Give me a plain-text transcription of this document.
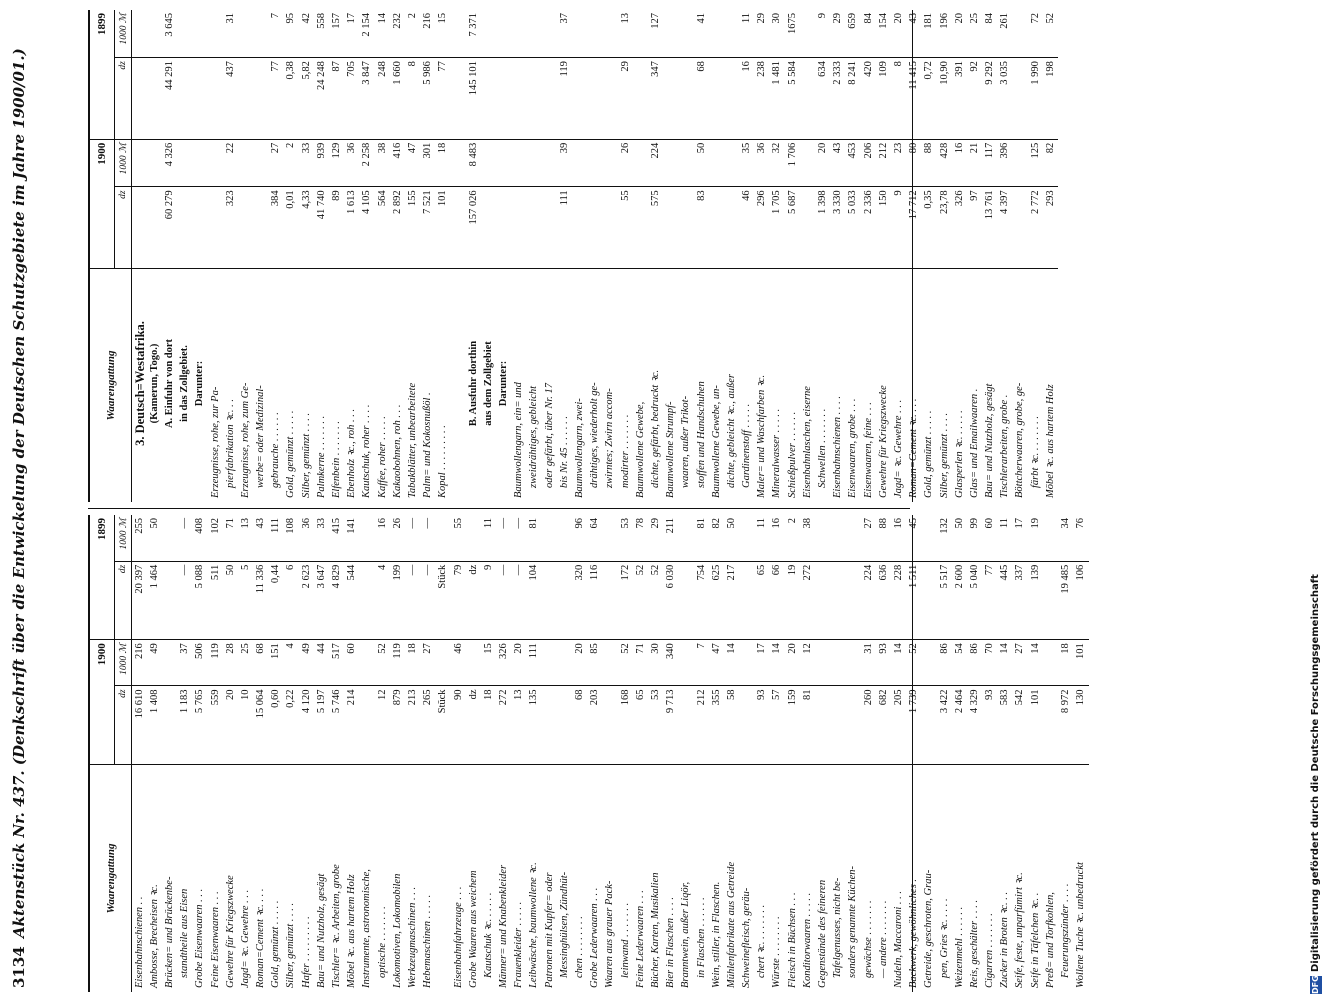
3134
Aktenstück Nr. 437. (Denkschrift über die Entwickelung der Deutschen Schutzgebiete im Jahre 1900/01.)	Waarengattung	1900		1899	
	dz	1000 ℳ	dz	1000 ℳ
Eisenbahnschienen . .	16 610	216	20 397	255
Ambosse, Brecheisen ꝛc.	1 408	49	1 464	50
Brücken= und Brückenbe-				
standtheile aus Eisen	1 183	37	—	—
Grobe Eisenwaaren . . .	5 765	506	5 088	408
Feine Eisenwaaren . . .	559	119	511	102
Gewehre für Kriegszwecke	20	28	50	71
Jagd= ꝛc. Gewehre . . .	10	25	5	13
Roman=Cement ꝛc. . . .	15 064	68	11 336	43
Gold, gemünzt . . . . .	0,60	151	0,44	111
Silber, gemünzt . . . .	0,22	4	6	108
Hafer . . . . . . . . .	4 120	49	2 623	36
Bau= und Nutzholz, gesägt	5 197	44	3 647	33
Tischler= ꝛc. Arbeiten, grobe	5 746	517	4 829	415
Möbel ꝛc. aus hartem Holz	214	60	544	141
Instrumente, astronomische,				
optische . . . . . . .	12	52	4	16
Lokomotiven, Lokomobilen	879	119	199	26
Werkzeugmaschinen . . .	213	18	—	—
Hebemaschinen . . . . .	265	27	—	—
	Stück		Stück	
Eisenbahnfahrzeuge . . .	90	46	79	55
Grobe Waaren aus weichem	dz		dz	
Kautschuk ꝛc. . . . . .	18	15	9	11
Männer= und Knabenkleider	272	326	—	—
Frauenkleider . . . . .	13	20	—	—
Leibwäsche, baumwollene ꝛc.	135	111	104	81
Patronen mit Kupfer= oder				
Messinghülsen, Zündhüt-				
chen . . . . . . . .	68	20	320	96
Grobe Lederwaaren . . .	203	85	116	64
Waaren aus grauer Pack-				
leinwand . . . . . . .	168	52	172	53
Feine Lederwaaren . . .	65	71	52	78
Bücher, Karten, Musikalien	53	30	52	29
Bier in Flaschen . . . .	9 713	340	6 030	211
Branntwein, außer Liqör,				
in Flaschen . . . . . .	212	7	754	81
Wein, stiller, in Flaschen.	355	47	625	82
Mühlenfabrikate aus Getreide	58	14	217	50
Schweinefleisch, geräu-				
chert ꝛc. . . . . . . .	93	17	65	11
Würste . . . . . . . .	57	14	66	16
Fleisch in Büchsen . . .	159	20	19	2
Konditorwaaren . . . . .	81	12	272	38
Gegenstände des feineren				
Tafelgenusses, nicht be-				
sonders genannte Küchen-				
gewächse . . . . . . .	260	31	224	27
— andere . . . . . . .	682	93	636	88
Nudeln, Maccaroni . . .	205	14	228	16
Backwerk, gewöhnliches .	1 739	52	1 511	45
Getreide, geschroten, Grau-				
pen, Gries ꝛc. . . . .	3 422	86	5 517	132
Weizenmehl . . . . . .	2 464	54	2 600	50
Reis, geschälter . . . .	4 329	86	5 040	99
Cigarren . . . . . . .	93	70	77	60
Zucker in Broten ꝛc. . .	583	14	445	11
Seife, feste, unparfümirt ꝛc.	542	27	337	17
Seife in Täfelchen ꝛc. .	101	14	139	19
Preß= und Torfkohlen,				
Feuerungszünder . . . .	8 972	18	19 485	34
Wollene Tuche ꝛc. unbedruckt	130	101	106	76
Waarengattung	1900		1899	
	dz	1000 ℳ	dz	1000 ℳ
3. Deutsch=Westafrika.				
(Kamerun, Togo.)				
A. Einfuhr von dort	60 279	4 326	44 291	3 645
in das Zollgebiet.				
Darunter:				
Erzeugnisse, rohe, zur Pa-				
pierfabrikation ꝛc. . .	323	22	437	31
Erzeugnisse, rohe, zum Ge-				
werbe= oder Medizinal-				
gebrauche . . . . . .	384	27	77	7
Gold, gemünzt . . . . .	0,01	2	0,38	95
Silber, gemünzt . . . .	4,33	33	5,82	42
Palmkerne . . . . . . .	41 740	939	24 248	558
Elfenbein . . . . . . .	89	129	87	157
Ebenholz ꝛc., roh . . .	1 613	36	705	17
Kautschuk, roher . . . .	4 105	2 258	3 847	2 154
Kaffee, roher . . . . .	564	38	248	14
Kakaobohnen, roh . . .	2 892	416	1 660	232
Tabakblätter, unbearbeitete	155	47	8	2
Palm= und Kokosnußöl .	7 521	301	5 986	216
Kopal . . . . . . . . .	101	18	77	15

B. Ausfuhr dorthin	157 026	8 483	145 101	7 371
aus dem Zollgebiet				
Darunter:				
Baumwollengarn, ein= und				
zweidrähtiges, gebleicht				
oder gefärbt, über Nr. 17				
bis Nr. 45 . . . . . .	111	39	119	37
Baumwollengarn, zwei-				
drähtiges, wiederholt ge-				
zwirntes; Zwirn accom-				
modirter . . . . . . .	55	26	29	13
Baumwollene Gewebe,				
dichte, gefärbt, bedruckt ꝛc.	575	224	347	127
Baumwollene Strumpf-				
waaren, außer Trikot-				
stoffen und Handschuhen	83	50	68	41
Baumwollene Gewebe, un-				
dichte, gebleicht ꝛc., außer				
Gardinenstoff . . . . .	46	35	16	11
Maler= und Waschfarben ꝛc.	296	36	238	29
Mineralwasser . . . . .	1 705	32	1 481	30
Schießpulver . . . . . .	5 687	1 706	5 584	1675
Eisenbahnlaschen, eiserne				
Schwellen . . . . . . .	1 398	20	634	9
Eisenbahnschienen . . . .	3 330	43	2 333	29
Eisenwaaren, grobe . . .	5 033	453	8 241	659
Eisenwaaren, feine . . .	2 336	206	420	84
Gewehre für Kriegszwecke	150	212	109	154
Jagd= ꝛc. Gewehre . . .	9	23	8	20
Roman=Cement ꝛc. . . .	17 712	80	11 415	43
Gold, gemünzt . . . . .	0,35	88	0,72	181
Silber, gemünzt . . . .	23,78	428	10,90	196
Glasperlen ꝛc. . . . . .	326	16	391	20
Glas= und Emailwaaren .	97	21	92	25
Bau= und Nutzholz, gesägt	13 761	117	9 292	84
Tischlerarbeiten, grobe .	4 397	396	3 035	261
Böttcherwaaren, grobe, ge-				
färbt ꝛc. . . . . . . .	2 772	125	1 990	72
Möbel ꝛc. aus hartem Holz	293	82	198	52
DFG
Digitalisierung gefördert durch die Deutsche Forschungsgemeinschaft
